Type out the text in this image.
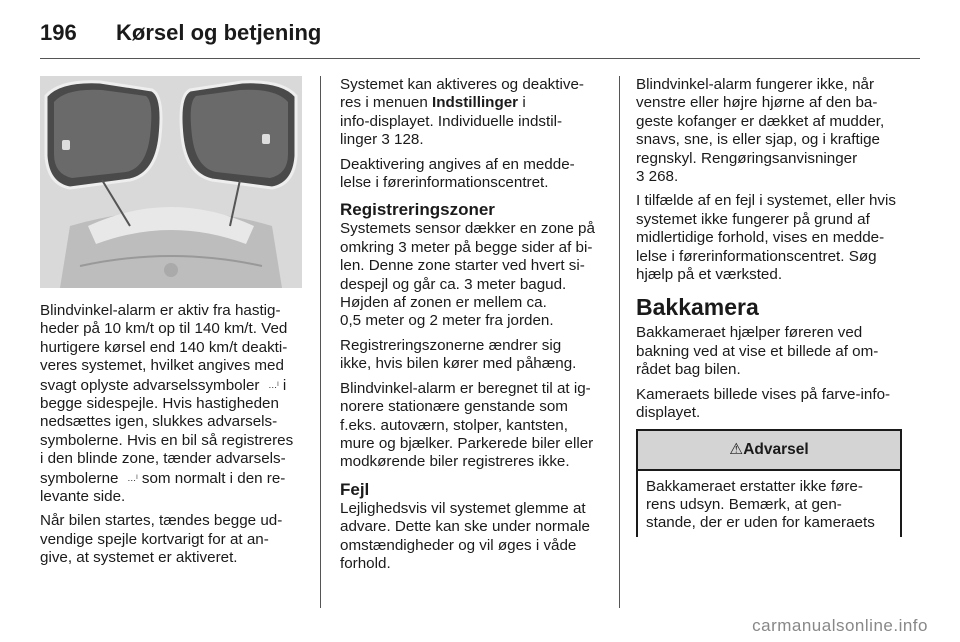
196 Kørsel og betjening

Blindvinkel-alarm er aktiv fra hastig-
heder på 10 km/t op til 140 km/t. Ved
hurtigere kørsel end 140 km/t deakti-
veres systemet, hvilket angives med
svagt oplyste advarselssymboler  …ˡ i
begge sidespejle. Hvis hastigheden
nedsættes igen, slukkes advarsels-
symbolerne. Hvis en bil så registreres
i den blinde zone, tænder advarsels-
symbolerne  …ˡ som normalt i den re-
levante side.

Når bilen startes, tændes begge ud-
vendige spejle kortvarigt for at an-
give, at systemet er aktiveret.

Systemet kan aktiveres og deaktive-
res i menuen Indstillinger i
info-displayet. Individuelle indstil-
linger 3 128.

Deaktivering angives af en medde-
lelse i førerinformationscentret.

Registreringszoner

Systemets sensor dækker en zone på
omkring 3 meter på begge sider af bi-
len. Denne zone starter ved hvert si-
despejl og går ca. 3 meter bagud.
Højden af zonen er mellem ca.
0,5 meter og 2 meter fra jorden.

Registreringszonerne ændrer sig
ikke, hvis bilen kører med påhæng.

Blindvinkel-alarm er beregnet til at ig-
norere stationære genstande som
f.eks. autoværn, stolper, kantsten,
mure og bjælker. Parkerede biler eller
modkørende biler registreres ikke.

Fejl

Lejlighedsvis vil systemet glemme at
advare. Dette kan ske under normale
omstændigheder og vil øges i våde
forhold.

Blindvinkel-alarm fungerer ikke, når
venstre eller højre hjørne af den ba-
geste kofanger er dækket af mudder,
snavs, sne, is eller sjap, og i kraftige
regnskyl. Rengøringsanvisninger
3 268.

I tilfælde af en fejl i systemet, eller hvis
systemet ikke fungerer på grund af
midlertidige forhold, vises en medde-
lelse i førerinformationscentret. Søg
hjælp på et værksted.

Bakkamera

Bakkameraet hjælper føreren ved
bakning ved at vise et billede af om-
rådet bag bilen.

Kameraets billede vises på farve-info-
displayet.

⚠Advarsel
Bakkameraet erstatter ikke føre-
rens udsyn. Bemærk, at gen-
stande, der er uden for kameraets
carmanualsonline.info
